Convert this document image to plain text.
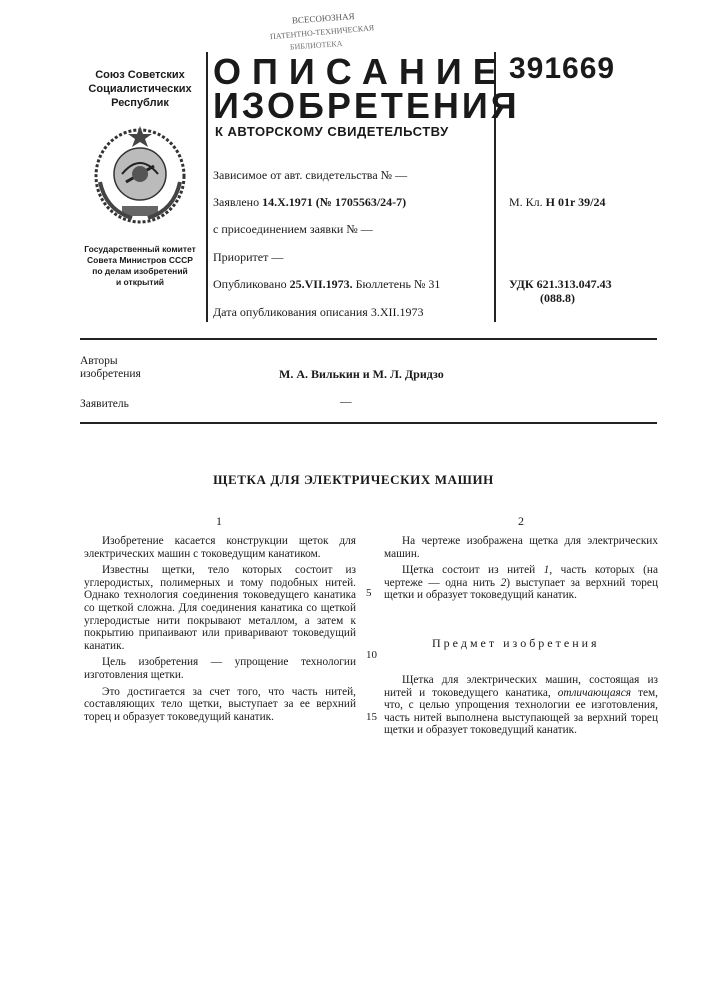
ВСЕСОЮЗНАЯ
ПАТЕНТНО-ТЕХНИЧЕСКАЯ
БИБЛИОТЕКА
Союз Советских
Социалистических
Республик
Государственный комитет
Совета Министров СССР
по делам изобретений
и открытий
ОПИСАНИЕ
ИЗОБРЕТЕНИЯ
К АВТОРСКОМУ СВИДЕТЕЛЬСТВУ
391669
Зависимое от авт. свидетельства № —
Заявлено 14.X.1971 (№ 1705563/24-7)
с присоединением заявки № —
Приоритет —
Опубликовано 25.VII.1973. Бюллетень № 31
Дата опубликования описания 3.XII.1973
М. Кл. Н 01r 39/24
УДК 621.313.047.43
(088.8)
Авторы
изобретения	М. А. Вилькин и М. Л. Дридзо
Заявитель	—
ЩЕТКА ДЛЯ ЭЛЕКТРИЧЕСКИХ МАШИН
1	2

Изобретение касается конструкции щеток для электрических машин с токоведущим канатиком.

Известны щетки, тело которых состоит из углеродистых, полимерных и тому подобных нитей. Однако технология соединения токоведущего канатика со щеткой сложна. Для соединения канатика со щеткой углеродистые нити покрывают металлом, а затем к покрытию припаивают или приваривают токоведущий канатик.

Цель изобретения — упрощение технологии изготовления щетки.

Это достигается за счет того, что часть нитей, составляющих тело щетки, выступает за ее верхний торец и образует токоведущий канатик.

5
10
15

На чертеже изображена щетка для электрических машин.

Щетка состоит из нитей 1, часть которых (на чертеже — одна нить 2) выступает за верхний торец щетки и образует токоведущий канатик.

Предмет изобретения

Щетка для электрических машин, состоящая из нитей и токоведущего канатика, отличающаяся тем, что, с целью упрощения технологии ее изготовления, часть нитей выполнена выступающей за верхний торец щетки и образует токоведущий канатик.
